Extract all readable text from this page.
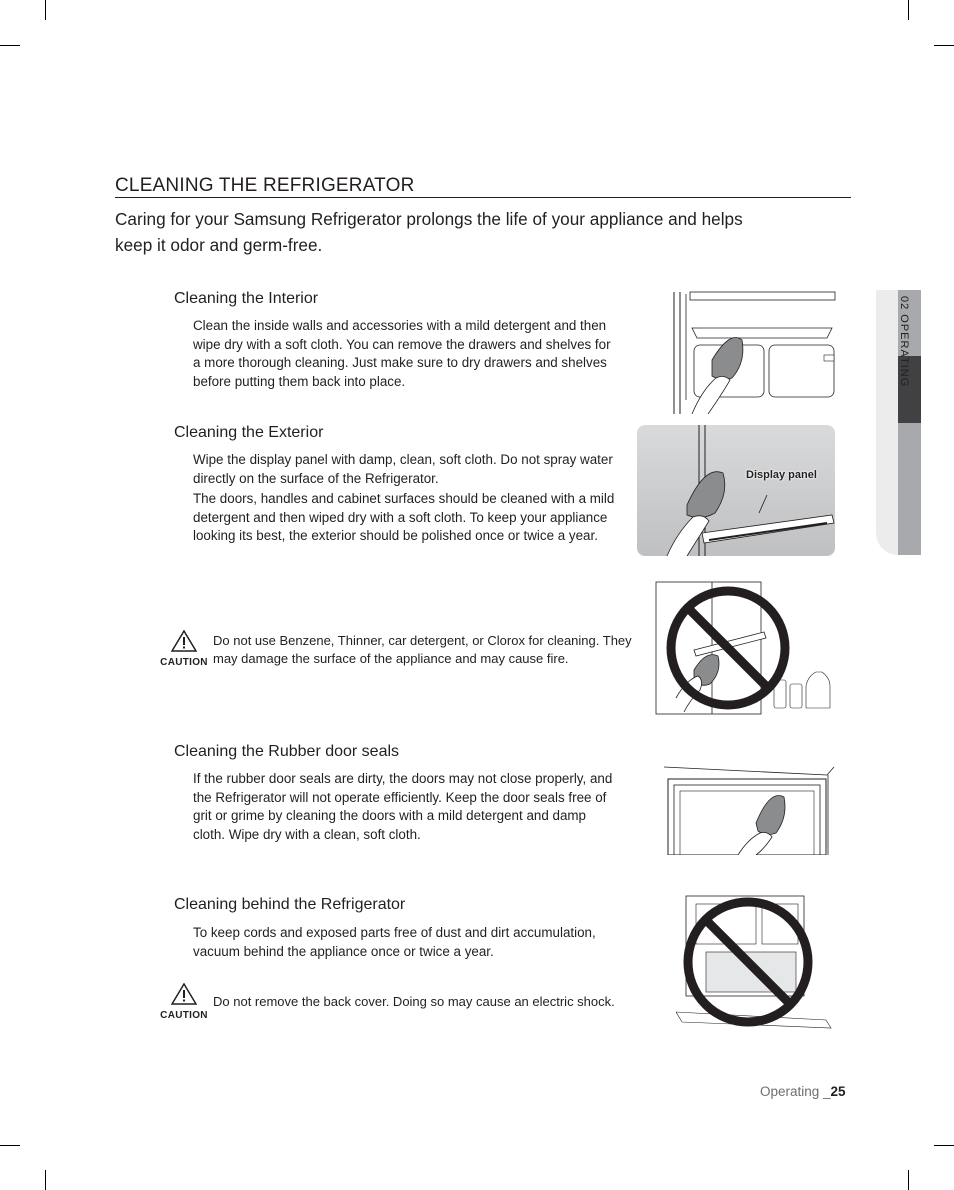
CLEANING THE REFRIGERATOR
Caring for your Samsung Refrigerator prolongs the life of your appliance and helps keep it odor and germ-free.
Cleaning the Interior
Clean the inside walls and accessories with a mild detergent and then wipe dry with a soft cloth. You can remove the drawers and shelves for a more thorough cleaning. Just make sure to dry drawers and shelves before putting them back into place.
Cleaning the Exterior
Wipe the display panel with damp, clean, soft cloth. Do not spray water directly on the surface of the Refrigerator.
The doors, handles and cabinet surfaces should be cleaned with a mild detergent and then wiped dry with a soft cloth. To keep your appliance looking its best, the exterior should be polished once or twice a year.
CAUTION
Do not use Benzene, Thinner, car detergent, or Clorox for cleaning. They may damage the surface of the appliance and may cause fire.
Cleaning the Rubber door seals
If the rubber door seals are dirty, the doors may not close properly, and the Refrigerator will not operate efficiently. Keep the door seals free of grit or grime by cleaning the doors with a mild detergent and damp cloth. Wipe dry with a clean, soft cloth.
Cleaning behind the Refrigerator
To keep cords and exposed parts free of dust and dirt accumulation, vacuum behind the appliance once or twice a year.
CAUTION
Do not remove the back cover. Doing so may cause an electric shock.
Display panel
02 OPERATING
Operating _25
